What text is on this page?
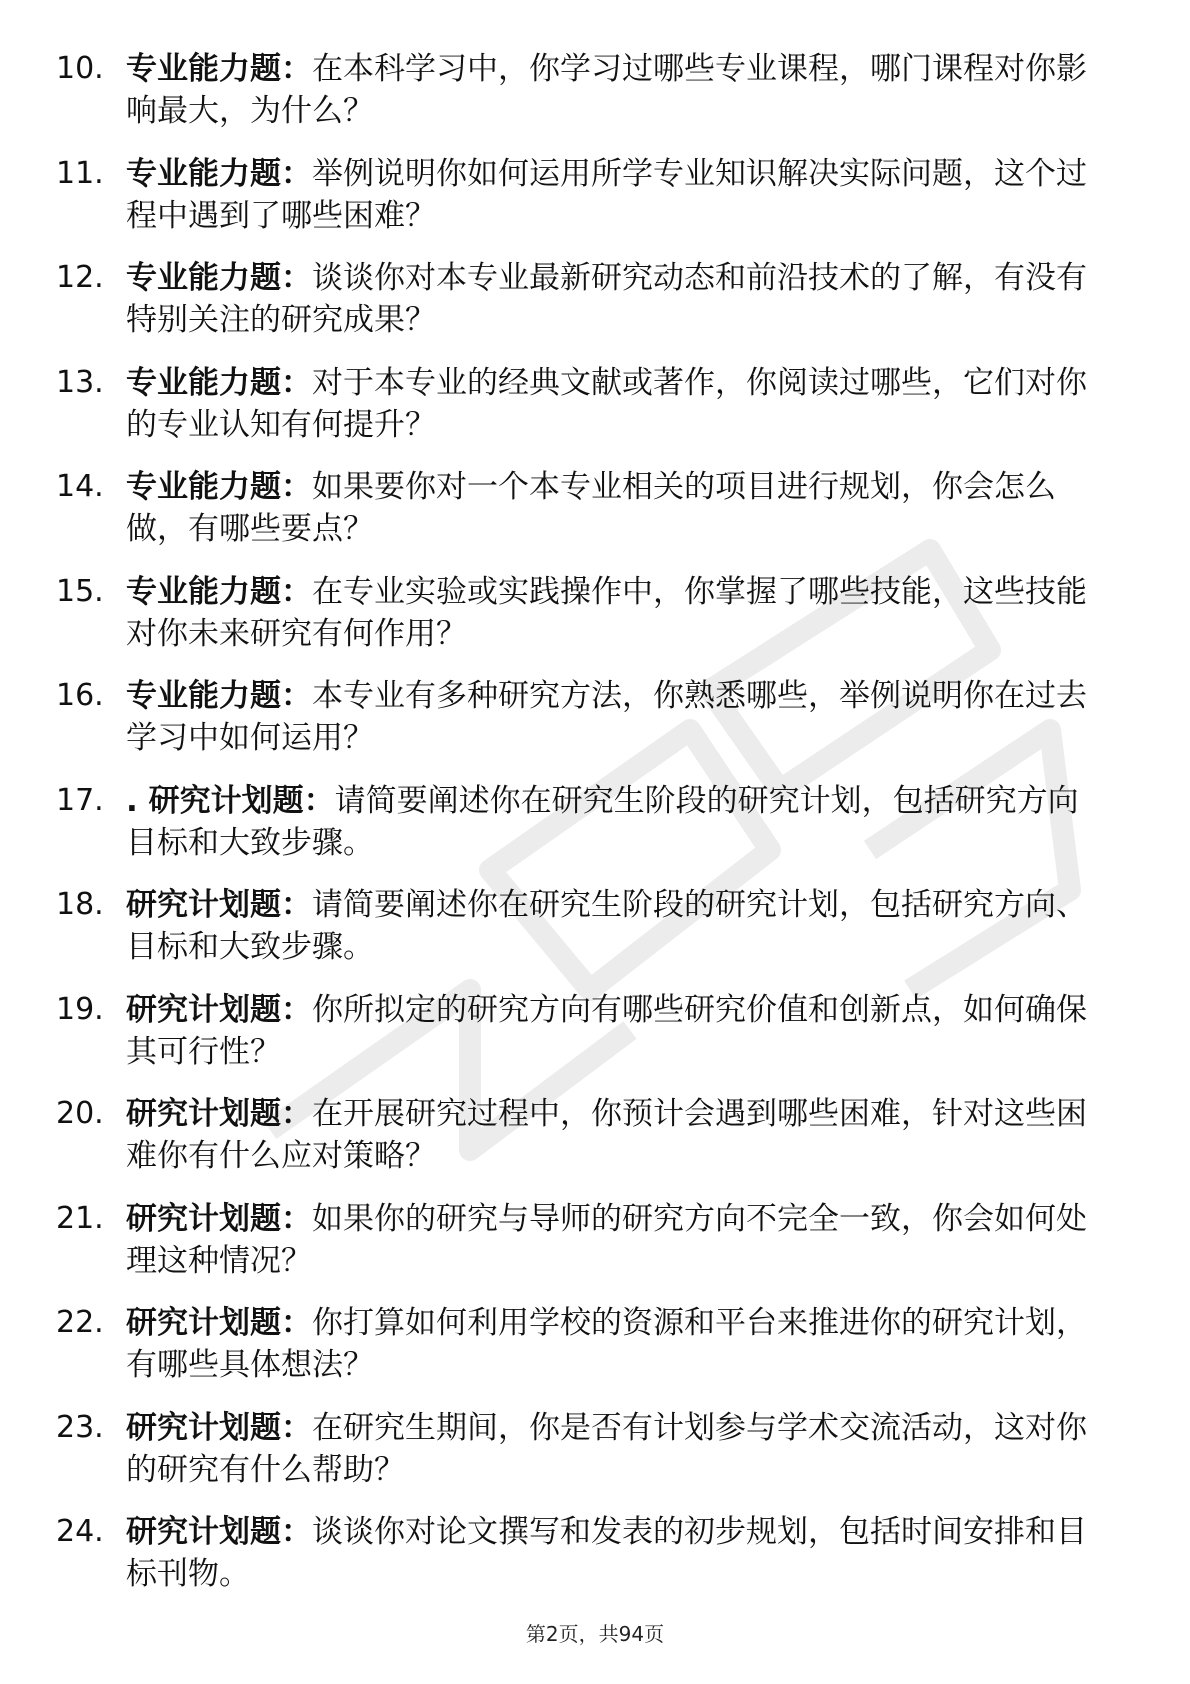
10. 专业能力题：在本科学习中，你学习过哪些专业课程，哪门课程对你影响最大，为什么？
11. 专业能力题：举例说明你如何运用所学专业知识解决实际问题，这个过程中遇到了哪些困难？
12. 专业能力题：谈谈你对本专业最新研究动态和前沿技术的了解，有没有特别关注的研究成果？
13. 专业能力题：对于本专业的经典文献或著作，你阅读过哪些，它们对你的专业认知有何提升？
14. 专业能力题：如果要你对一个本专业相关的项目进行规划，你会怎么做，有哪些要点？
15. 专业能力题：在专业实验或实践操作中，你掌握了哪些技能，这些技能对你未来研究有何作用？
16. 专业能力题：本专业有多种研究方法，你熟悉哪些，举例说明你在过去学习中如何运用？
17. . 研究计划题：请简要阐述你在研究生阶段的研究计划，包括研究方向目标和大致步骤。
18. 研究计划题：请简要阐述你在研究生阶段的研究计划，包括研究方向、目标和大致步骤。
19. 研究计划题：你所拟定的研究方向有哪些研究价值和创新点，如何确保其可行性？
20. 研究计划题：在开展研究过程中，你预计会遇到哪些困难，针对这些困难你有什么应对策略？
21. 研究计划题：如果你的研究与导师的研究方向不完全一致，你会如何处理这种情况？
22. 研究计划题：你打算如何利用学校的资源和平台来推进你的研究计划，有哪些具体想法？
23. 研究计划题：在研究生期间，你是否有计划参与学术交流活动，这对你的研究有什么帮助？
24. 研究计划题：谈谈你对论文撰写和发表的初步规划，包括时间安排和目标刊物。
第2页，共94页
